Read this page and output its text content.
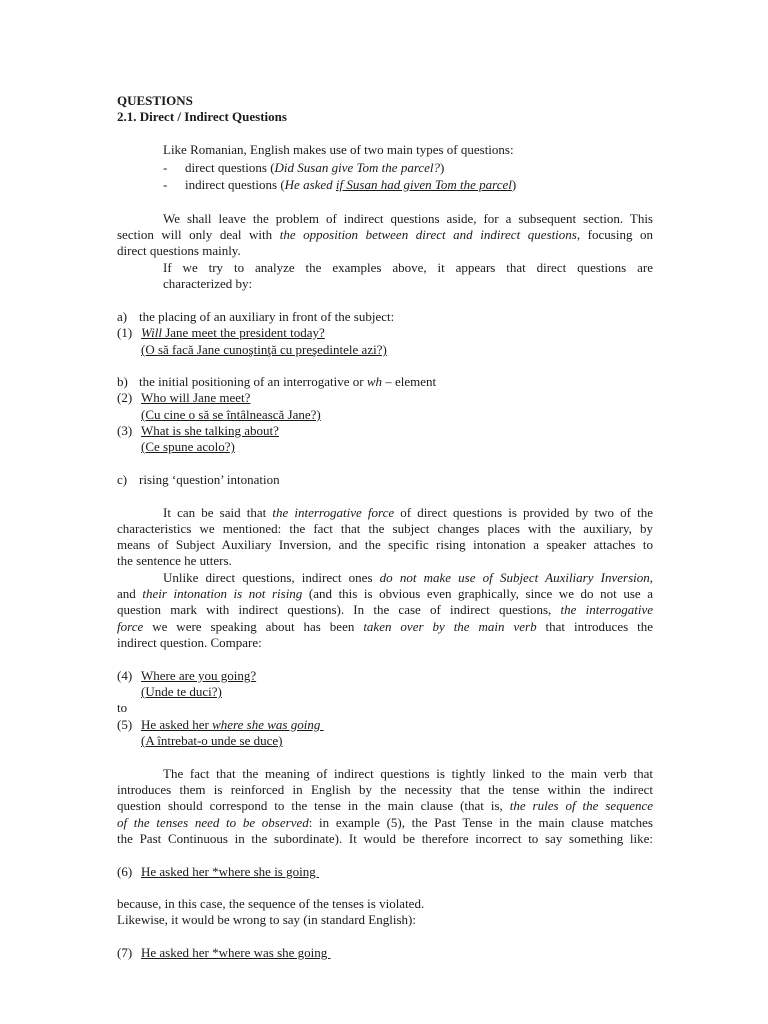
QUESTIONS
2.1. Direct / Indirect Questions
Like Romanian, English makes use of two main types of questions:
- direct questions (Did Susan give Tom the parcel?)
- indirect questions (He asked if Susan had given Tom the parcel)
We shall leave the problem of indirect questions aside, for a subsequent section. This
section will only deal with the opposition between direct and indirect questions, focusing on
direct questions mainly.
If we try to analyze the examples above, it appears that direct questions are
characterized by:
a) the placing of an auxiliary in front of the subject:
(1) Will Jane meet the president today?
(O să facă Jane cunoştinţă cu preşedintele azi?)
b) the initial positioning of an interrogative or wh – element
(2) Who will Jane meet?
(Cu cine o să se întâlnească Jane?)
(3) What is she talking about?
(Ce spune acolo?)
c) rising ‘question’ intonation
It can be said that the interrogative force of direct questions is provided by two of the
characteristics we mentioned: the fact that the subject changes places with the auxiliary, by
means of Subject Auxiliary Inversion, and the specific rising intonation a speaker attaches to
the sentence he utters.
Unlike direct questions, indirect ones do not make use of Subject Auxiliary Inversion,
and their intonation is not rising (and this is obvious even graphically, since we do not use a
question mark with indirect questions). In the case of indirect questions, the interrogative
force we were speaking about has been taken over by the main verb that introduces the
indirect question. Compare:
(4) Where are you going?
(Unde te duci?)
to
(5) He asked her where she was going
(A întrebat-o unde se duce)
The fact that the meaning of indirect questions is tightly linked to the main verb that
introduces them is reinforced in English by the necessity that the tense within the indirect
question should correspond to the tense in the main clause (that is, the rules of the sequence
of the tenses need to be observed: in example (5), the Past Tense in the main clause matches
the Past Continuous in the subordinate). It would be therefore incorrect to say something like:
(6) He asked her *where she is going
because, in this case, the sequence of the tenses is violated.
Likewise, it would be wrong to say (in standard English):
(7) He asked her *where was she going
